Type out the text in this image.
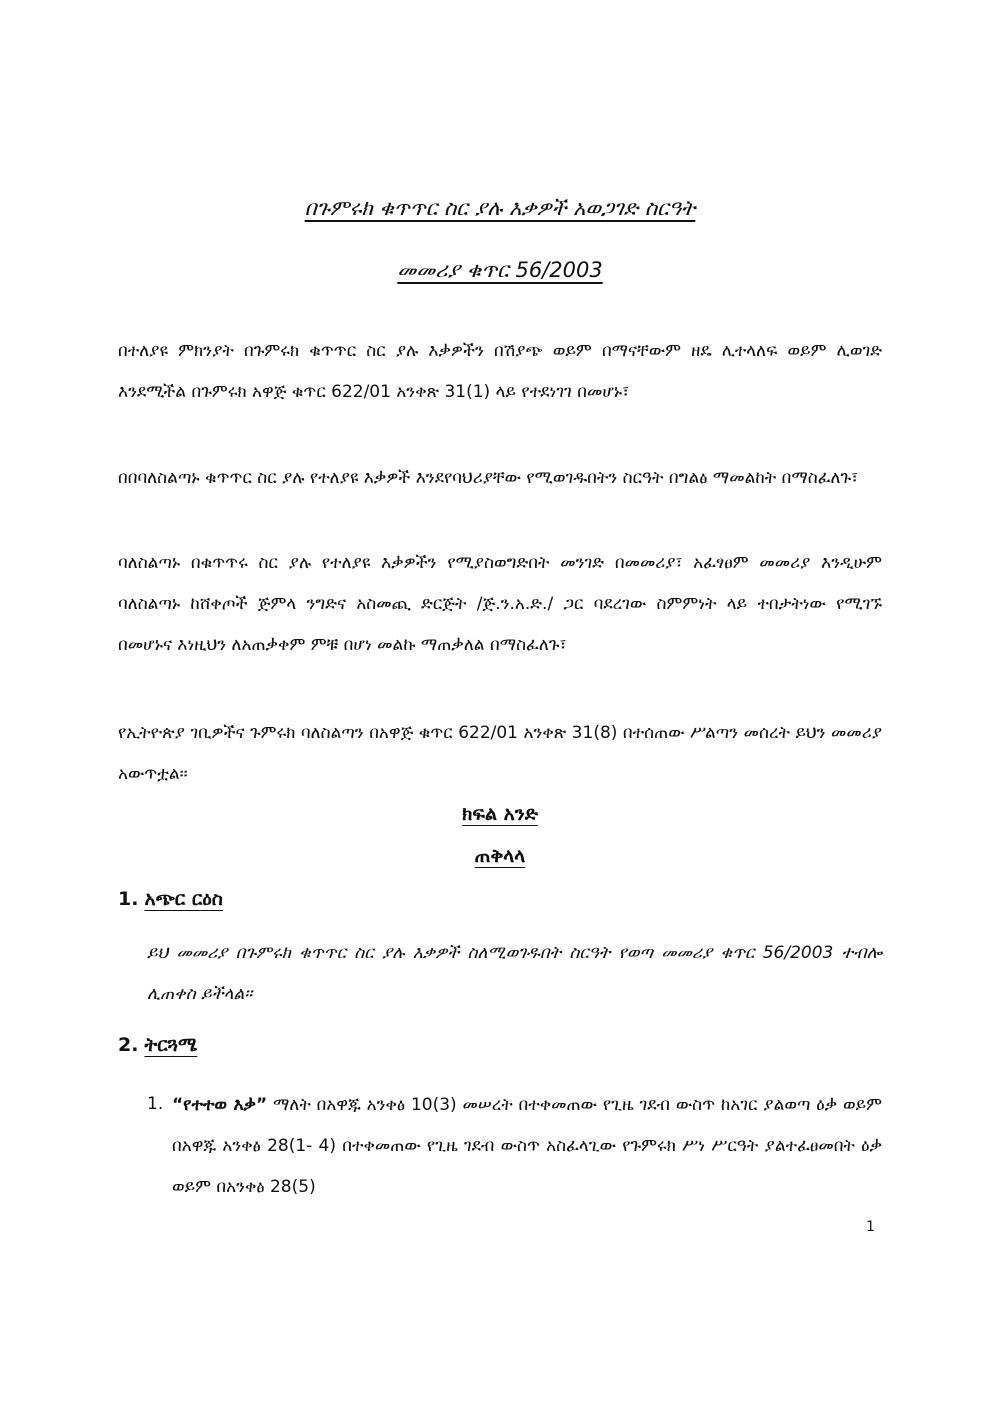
በጉምሩክ ቁጥጥር ስር ያሉ እቃዎች አወጋገድ ስርዓት
መመሪያ ቁጥር 56/2003
በተለያዩ ምክንያት በጉምሩክ ቁጥጥር ስር ያሉ እቃዎችን በሽያጭ ወይም በማናቸውም ዘዴ ሊተላለፍ ወይም ሊወገድ እንደሚችል በጉምሩክ አዋጅ ቁጥር 622/01 አንቀጽ 31(1) ላይ የተደነገገ በመሆኑ፣
በበባለስልጣኑ ቁጥጥር ስር ያሉ የተለያዩ እቃዎች እንደየባህሪያቸው የሚወገዱበትን ስርዓት በግልፅ ማመልከት በማስፈለጉ፣
ባለስልጣኑ በቁጥጥሩ ስር ያሉ የተለያዩ እቃዎችን የሚያስወግድበት መንገድ በመመሪያ፣ አፈፃፀም መመሪያ እንዲሁም ባለስልጣኑ ከሸቀጦች ጅምላ ንግድና አስመጪ ድርጅት /ጅ.ን.አ.ድ./ ጋር ባደረገው ስምምነት ላይ ተበታትነው የሚገኙ በመሆኑና እነዚህን ለአጠቃቀም ምቹ በሆነ መልኩ ማጠቃለል በማስፈለጉ፣
የኢትዮጵያ ገቢዎችና ጉምሩክ ባለስልጣን በአዋጅ ቁጥር 622/01 አንቀጽ 31(8) በተሰጠው ሥልጣን መሰረት ይህን መመሪያ አውጥቷል፡፡
ክፍል አንድ
ጠቅላላ
1. አጭር ርዕስ
ይህ መመሪያ በጉምሩክ ቁጥጥር ስር ያሉ እቃዎች ስለሚወገዱበት ስርዓት የወጣ መመሪያ ቁጥር 56/2003 ተብሎ ሊጠቀስ ይችላል፡፡
2. ትርጓሜ
1. “የተተወ እቃ” ማለት በአዋጁ አንቀፅ 10(3) መሠረት በተቀመጠው የጊዜ ገደብ ውስጥ ከአገር ያልወጣ ዕቃ ወይም በአዋጁ አንቀፅ 28(1- 4) በተቀመጠው የጊዜ ገደብ ውስጥ አስፈላጊው የጉምሩክ ሥነ ሥርዓት ያልተፈፀመበት ዕቃ ወይም በአንቀፅ 28(5)
1
